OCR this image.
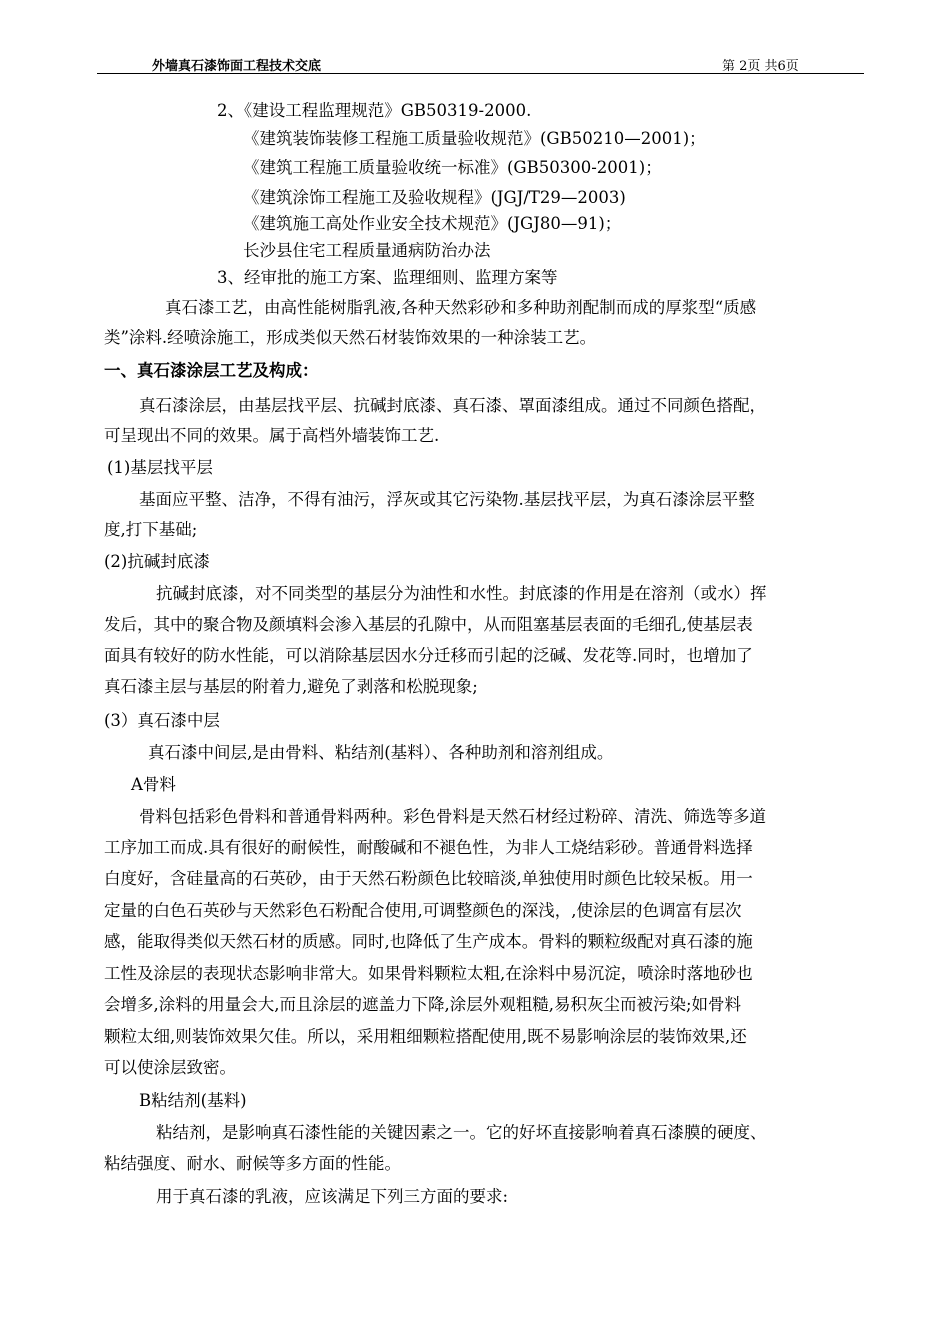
外墙真石漆饰面工程技术交底	第 2页 共6页
2、《建设工程监理规范》GB50319-2000.
《建筑装饰装修工程施工质量验收规范》(GB50210—2001)；
《建筑工程施工质量验收统一标准》(GB50300-2001)；
《建筑涂饰工程施工及验收规程》(JGJ/T29—2003)
《建筑施工高处作业安全技术规范》(JGJ80—91)；
长沙县住宅工程质量通病防治办法
3、经审批的施工方案、监理细则、监理方案等
真石漆工艺，由高性能树脂乳液,各种天然彩砂和多种助剂配制而成的厚浆型“质感
类”涂料.经喷涂施工，形成类似天然石材装饰效果的一种涂装工艺。
一、真石漆涂层工艺及构成：
真石漆涂层，由基层找平层、抗碱封底漆、真石漆、罩面漆组成。通过不同颜色搭配，
可呈现出不同的效果。属于高档外墙装饰工艺.
(1)基层找平层
基面应平整、洁净，不得有油污，浮灰或其它污染物.基层找平层，为真石漆涂层平整
度,打下基础;
(2)抗碱封底漆
抗碱封底漆，对不同类型的基层分为油性和水性。封底漆的作用是在溶剂（或水）挥
发后，其中的聚合物及颜填料会渗入基层的孔隙中，从而阻塞基层表面的毛细孔,使基层表
面具有较好的防水性能，可以消除基层因水分迁移而引起的泛碱、发花等.同时，也增加了
真石漆主层与基层的附着力,避免了剥落和松脱现象;
(3）真石漆中层
真石漆中间层,是由骨料、粘结剂(基料）、各种助剂和溶剂组成。
A骨料
骨料包括彩色骨料和普通骨料两种。彩色骨料是天然石材经过粉碎、清洗、筛选等多道
工序加工而成.具有很好的耐候性，耐酸碱和不褪色性，为非人工烧结彩砂。普通骨料选择
白度好，含硅量高的石英砂，由于天然石粉颜色比较暗淡,单独使用时颜色比较呆板。用一
定量的白色石英砂与天然彩色石粉配合使用,可调整颜色的深浅，,使涂层的色调富有层次
感，能取得类似天然石材的质感。同时,也降低了生产成本。骨料的颗粒级配对真石漆的施
工性及涂层的表现状态影响非常大。如果骨料颗粒太粗,在涂料中易沉淀，喷涂时落地砂也
会增多,涂料的用量会大,而且涂层的遮盖力下降,涂层外观粗糙,易积灰尘而被污染;如骨料
颗粒太细,则装饰效果欠佳。所以，采用粗细颗粒搭配使用,既不易影响涂层的装饰效果,还
可以使涂层致密。
B粘结剂(基料)
粘结剂，是影响真石漆性能的关键因素之一。它的好坏直接影响着真石漆膜的硬度、
粘结强度、耐水、耐候等多方面的性能。
用于真石漆的乳液，应该满足下列三方面的要求:
